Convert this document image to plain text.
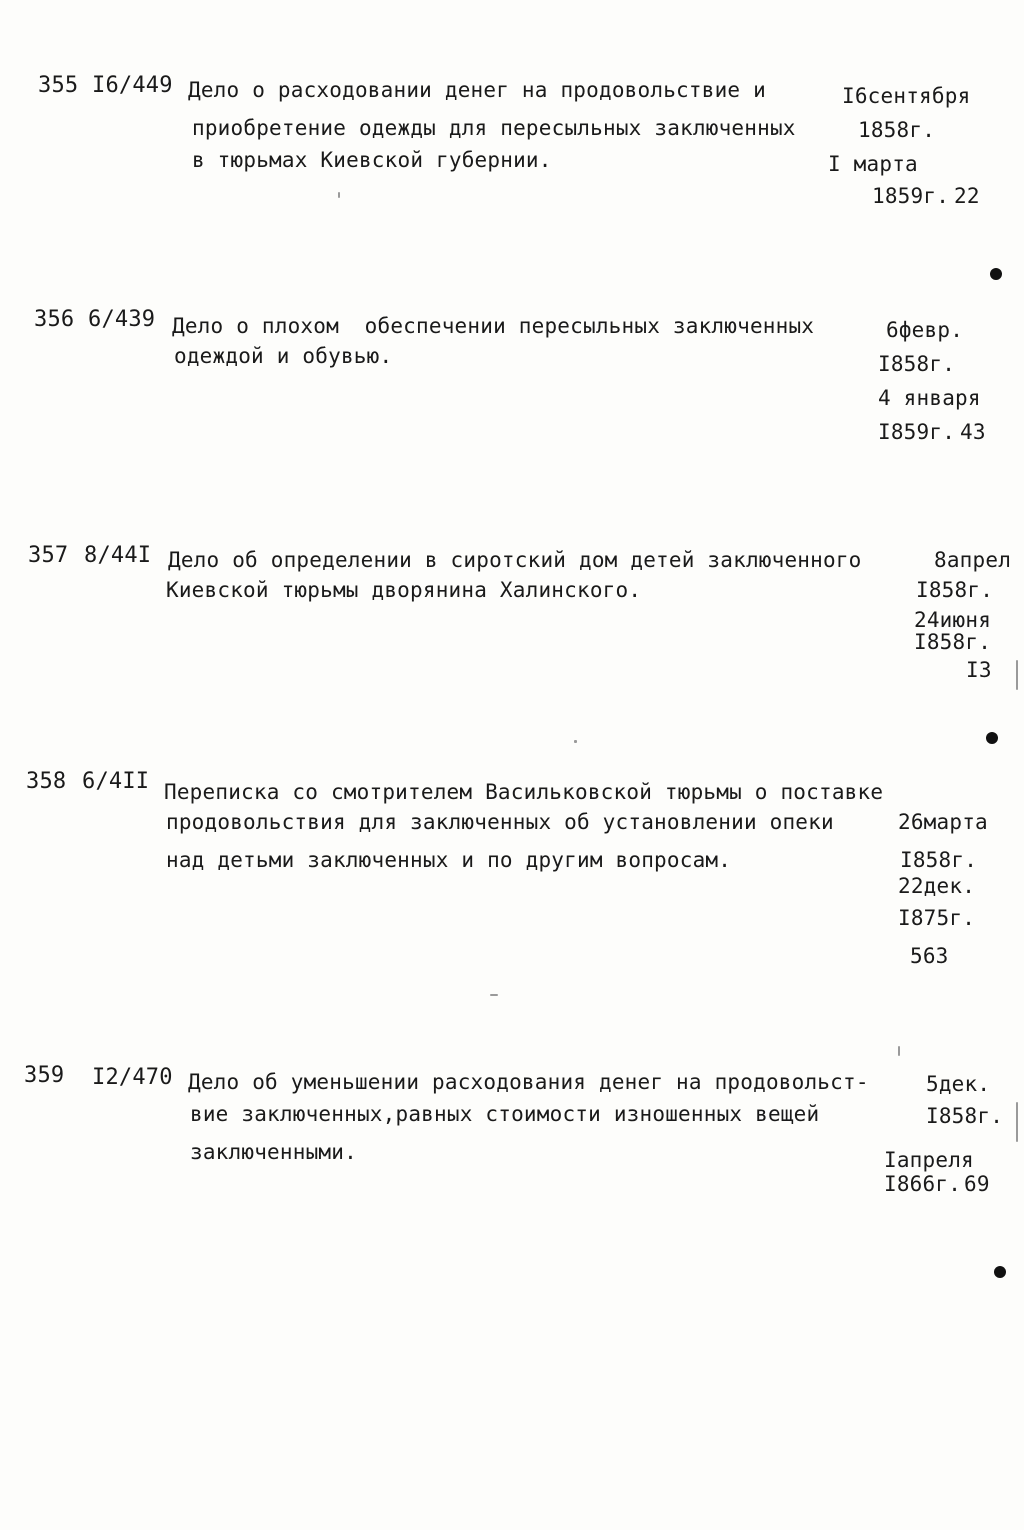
355 I6/449 Дело о расходовании денег на продовольствие и
приобретение одежды для пересыльных заключенных
в тюрьмах Киевской губернии.
I6сентября
1858г.
I марта
1859г. 22
356 6/439 Дело о плохом  обеспечении пересыльных заключенных
одеждой и обувью.
6февр.
I858г.
4 января
I859г. 43
357 8/44I Дело об определении в сиротский дом детей заключенного
Киевской тюрьмы дворянина Халинского.
8апрел
I858г.
24июня
I858г.
I3
358 6/4II Переписка со смотрителем Васильковской тюрьмы о поставке
продовольствия для заключенных об установлении опеки
над детьми заключенных и по другим вопросам.
26марта
I858г.
22дек.
I875г.
563
359 I2/470 Дело об уменьшении расходования денег на продовольст-
вие заключенных,равных стоимости изношенных вещей
заключенными.
5дек.
I858г.
Iапреля
I866г. 69
